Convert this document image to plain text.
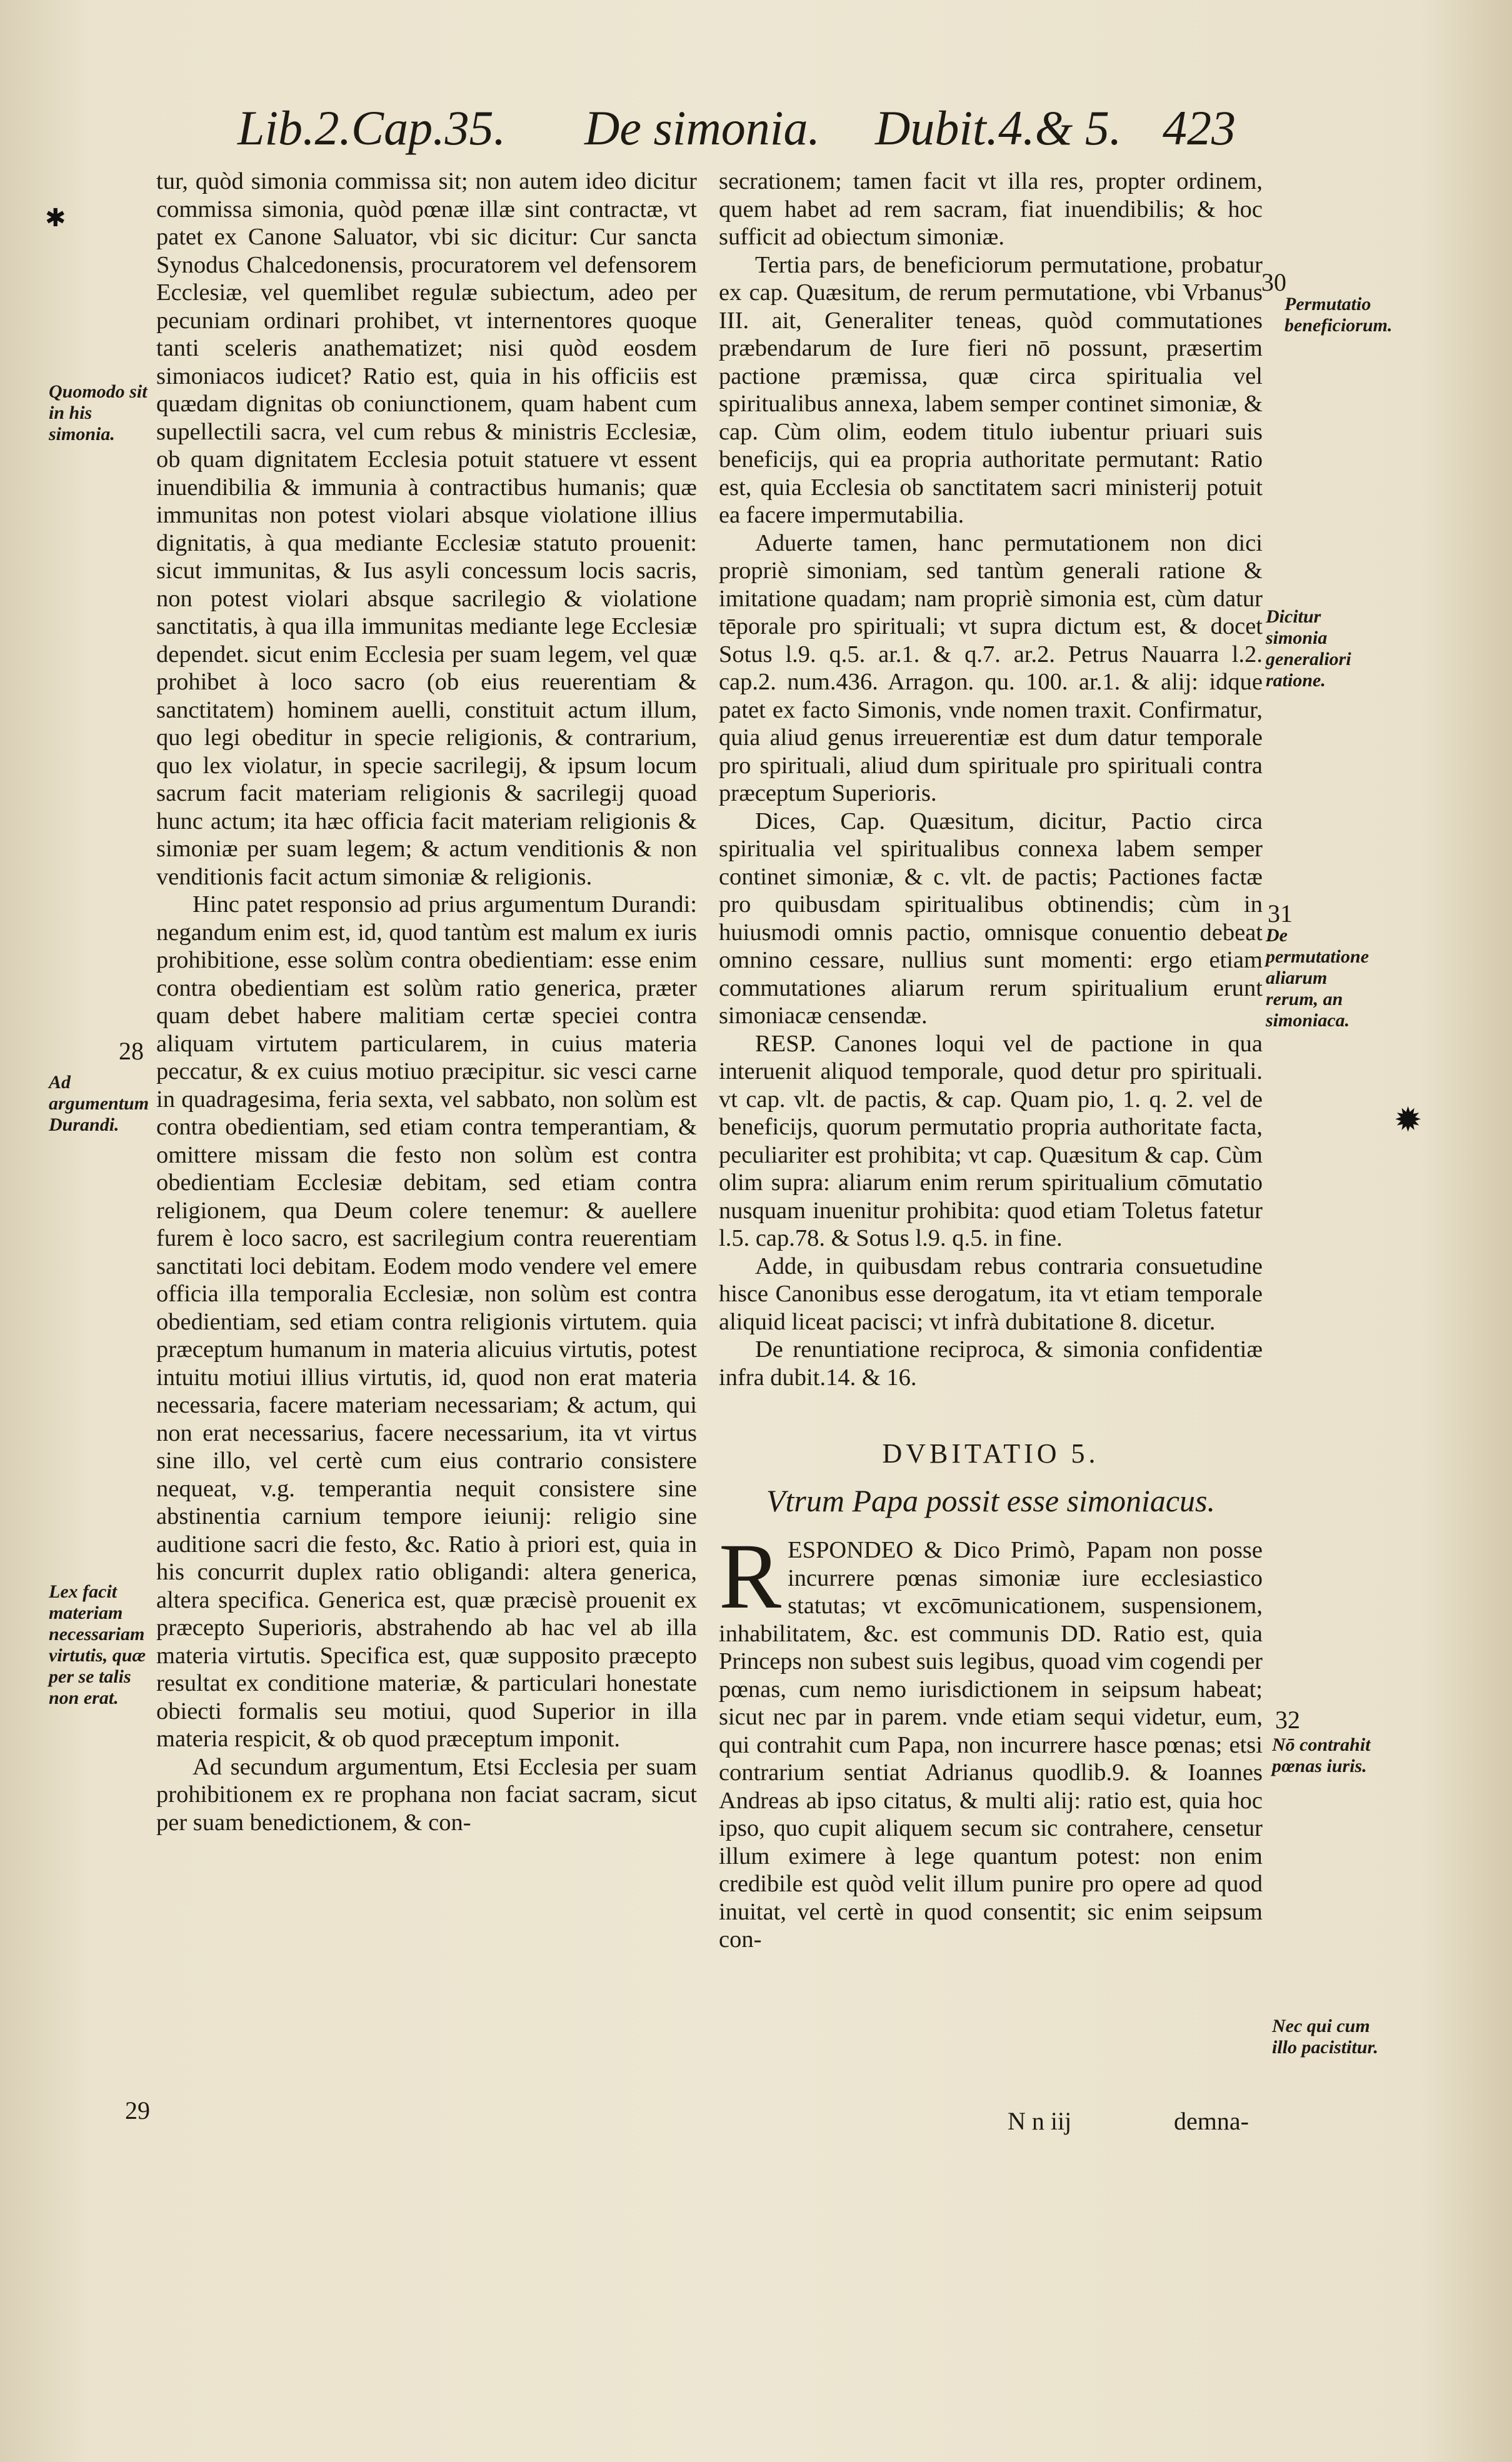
Lib.2.Cap.35. De simonia. Dubit.4.& 5. 423
✱
✹

tur, quòd simonia commissa sit; non autem ideo dicitur commissa simonia, quòd pœnæ illæ sint contractæ, vt patet ex Canone Saluator, vbi sic dicitur: Cur sancta Synodus Chalcedonensis, procuratorem vel defensorem Ecclesiæ, vel quemlibet regulæ subiectum, adeo per pecuniam ordinari prohibet, vt internentores quoque tanti sceleris anathematizet; nisi quòd eosdem simoniacos iudicet? Ratio est, quia in his officiis est quædam dignitas ob coniunctionem, quam habent cum supellectili sacra, vel cum rebus & ministris Ecclesiæ, ob quam dignitatem Ecclesia potuit statuere vt essent inuendibilia & immunia à contractibus humanis; quæ immunitas non potest violari absque violatione illius dignitatis, à qua mediante Ecclesiæ statuto prouenit: sicut immunitas, & Ius asyli concessum locis sacris, non potest violari absque sacrilegio & violatione sanctitatis, à qua illa immunitas mediante lege Ecclesiæ dependet. sicut enim Ecclesia per suam legem, vel quæ prohibet à loco sacro (ob eius reuerentiam & sanctitatem) hominem auelli, constituit actum illum, quo legi obeditur in specie religionis, & contrarium, quo lex violatur, in specie sacrilegij, & ipsum locum sacrum facit materiam religionis & sacrilegij quoad hunc actum; ita hæc officia facit materiam religionis & simoniæ per suam legem; & actum venditionis & non venditionis facit actum simoniæ & religionis.

Hinc patet responsio ad prius argumentum Durandi: negandum enim est, id, quod tantùm est malum ex iuris prohibitione, esse solùm contra obedientiam: esse enim contra obedientiam est solùm ratio generica, præter quam debet habere malitiam certæ speciei contra aliquam virtutem particularem, in cuius materia peccatur, & ex cuius motiuo præcipitur. sic vesci carne in quadragesima, feria sexta, vel sabbato, non solùm est contra obedientiam, sed etiam contra temperantiam, & omittere missam die festo non solùm est contra obedientiam Ecclesiæ debitam, sed etiam contra religionem, qua Deum colere tenemur: & auellere furem è loco sacro, est sacrilegium contra reuerentiam sanctitati loci debitam. Eodem modo vendere vel emere officia illa temporalia Ecclesiæ, non solùm est contra obedientiam, sed etiam contra religionis virtutem. quia præceptum humanum in materia alicuius virtutis, potest intuitu motiui illius virtutis, id, quod non erat materia necessaria, facere materiam necessariam; & actum, qui non erat necessarius, facere necessarium, ita vt virtus sine illo, vel certè cum eius contrario consistere nequeat, v.g. temperantia nequit consistere sine abstinentia carnium tempore ieiunij: religio sine auditione sacri die festo, &c. Ratio à priori est, quia in his concurrit duplex ratio obligandi: altera generica, altera specifica. Generica est, quæ præcisè prouenit ex præcepto Superioris, abstrahendo ab hac vel ab illa materia virtutis. Specifica est, quæ supposito præcepto resultat ex conditione materiæ, & particulari honestate obiecti formalis seu motiui, quod Superior in illa materia respicit, & ob quod præceptum imponit.

Ad secundum argumentum, Etsi Ecclesia per suam prohibitionem ex re prophana non faciat sacram, sicut per suam benedictionem, & con-

secrationem; tamen facit vt illa res, propter ordinem, quem habet ad rem sacram, fiat inuendibilis; & hoc sufficit ad obiectum simoniæ.

Tertia pars, de beneficiorum permutatione, probatur ex cap. Quæsitum, de rerum permutatione, vbi Vrbanus III. ait, Generaliter teneas, quòd commutationes præbendarum de Iure fieri nō possunt, præsertim pactione præmissa, quæ circa spiritualia vel spiritualibus annexa, labem semper continet simoniæ, & cap. Cùm olim, eodem titulo iubentur priuari suis beneficijs, qui ea propria authoritate permutant: Ratio est, quia Ecclesia ob sanctitatem sacri ministerij potuit ea facere impermutabilia.

Aduerte tamen, hanc permutationem non dici propriè simoniam, sed tantùm generali ratione & imitatione quadam; nam propriè simonia est, cùm datur tēporale pro spirituali; vt supra dictum est, & docet Sotus l.9. q.5. ar.1. & q.7. ar.2. Petrus Nauarra l.2. cap.2. num.436. Arragon. qu. 100. ar.1. & alij: idque patet ex facto Simonis, vnde nomen traxit. Confirmatur, quia aliud genus irreuerentiæ est dum datur temporale pro spirituali, aliud dum spirituale pro spirituali contra præceptum Superioris.

Dices, Cap. Quæsitum, dicitur, Pactio circa spiritualia vel spiritualibus connexa labem semper continet simoniæ, & c. vlt. de pactis; Pactiones factæ pro quibusdam spiritualibus obtinendis; cùm in huiusmodi omnis pactio, omnisque conuentio debeat omnino cessare, nullius sunt momenti: ergo etiam commutationes aliarum rerum spiritualium erunt simoniacæ censendæ.

RESP. Canones loqui vel de pactione in qua interuenit aliquod temporale, quod detur pro spirituali. vt cap. vlt. de pactis, & cap. Quam pio, 1. q. 2. vel de beneficijs, quorum permutatio propria authoritate facta, peculiariter est prohibita; vt cap. Quæsitum & cap. Cùm olim supra: aliarum enim rerum spiritualium cōmutatio nusquam inuenitur prohibita: quod etiam Toletus fatetur l.5. cap.78. & Sotus l.9. q.5. in fine.

Adde, in quibusdam rebus contraria consuetudine hisce Canonibus esse derogatum, ita vt etiam temporale aliquid liceat pacisci; vt infrà dubitatione 8. dicetur.

De renuntiatione reciproca, & simonia confidentiæ infra dubit.14. & 16.

DVBITATIO 5.
Vtrum Papa possit esse simoniacus.

RESPONDEO & Dico Primò, Papam non posse incurrere pœnas simoniæ iure ecclesiastico statutas; vt excōmunicationem, suspensionem, inhabilitatem, &c. est communis DD. Ratio est, quia Princeps non subest suis legibus, quoad vim cogendi per pœnas, cum nemo iurisdictionem in seipsum habeat; sicut nec par in parem. vnde etiam sequi videtur, eum, qui contrahit cum Papa, non incurrere hasce pœnas; etsi contrarium sentiat Adrianus quodlib.9. & Ioannes Andreas ab ipso citatus, & multi alij: ratio est, quia hoc ipso, quo cupit aliquem secum sic contrahere, censetur illum eximere à lege quantum potest: non enim credibile est quòd velit illum punire pro opere ad quod inuitat, vel certè in quod consentit; sic enim seipsum con-

Quomodo sit in his simonia.
Ad argumentum Durandi.
Lex facit materiam necessariam virtutis, quæ per se talis non erat.
28
29
30
31
32
Permutatio beneficiorum.
Dicitur simonia generaliori ratione.
De permutatione aliarum rerum, an simoniaca.
Nō contrahit pœnas iuris.
Nec qui cum illo pacistitur.
N n iij	demna-
